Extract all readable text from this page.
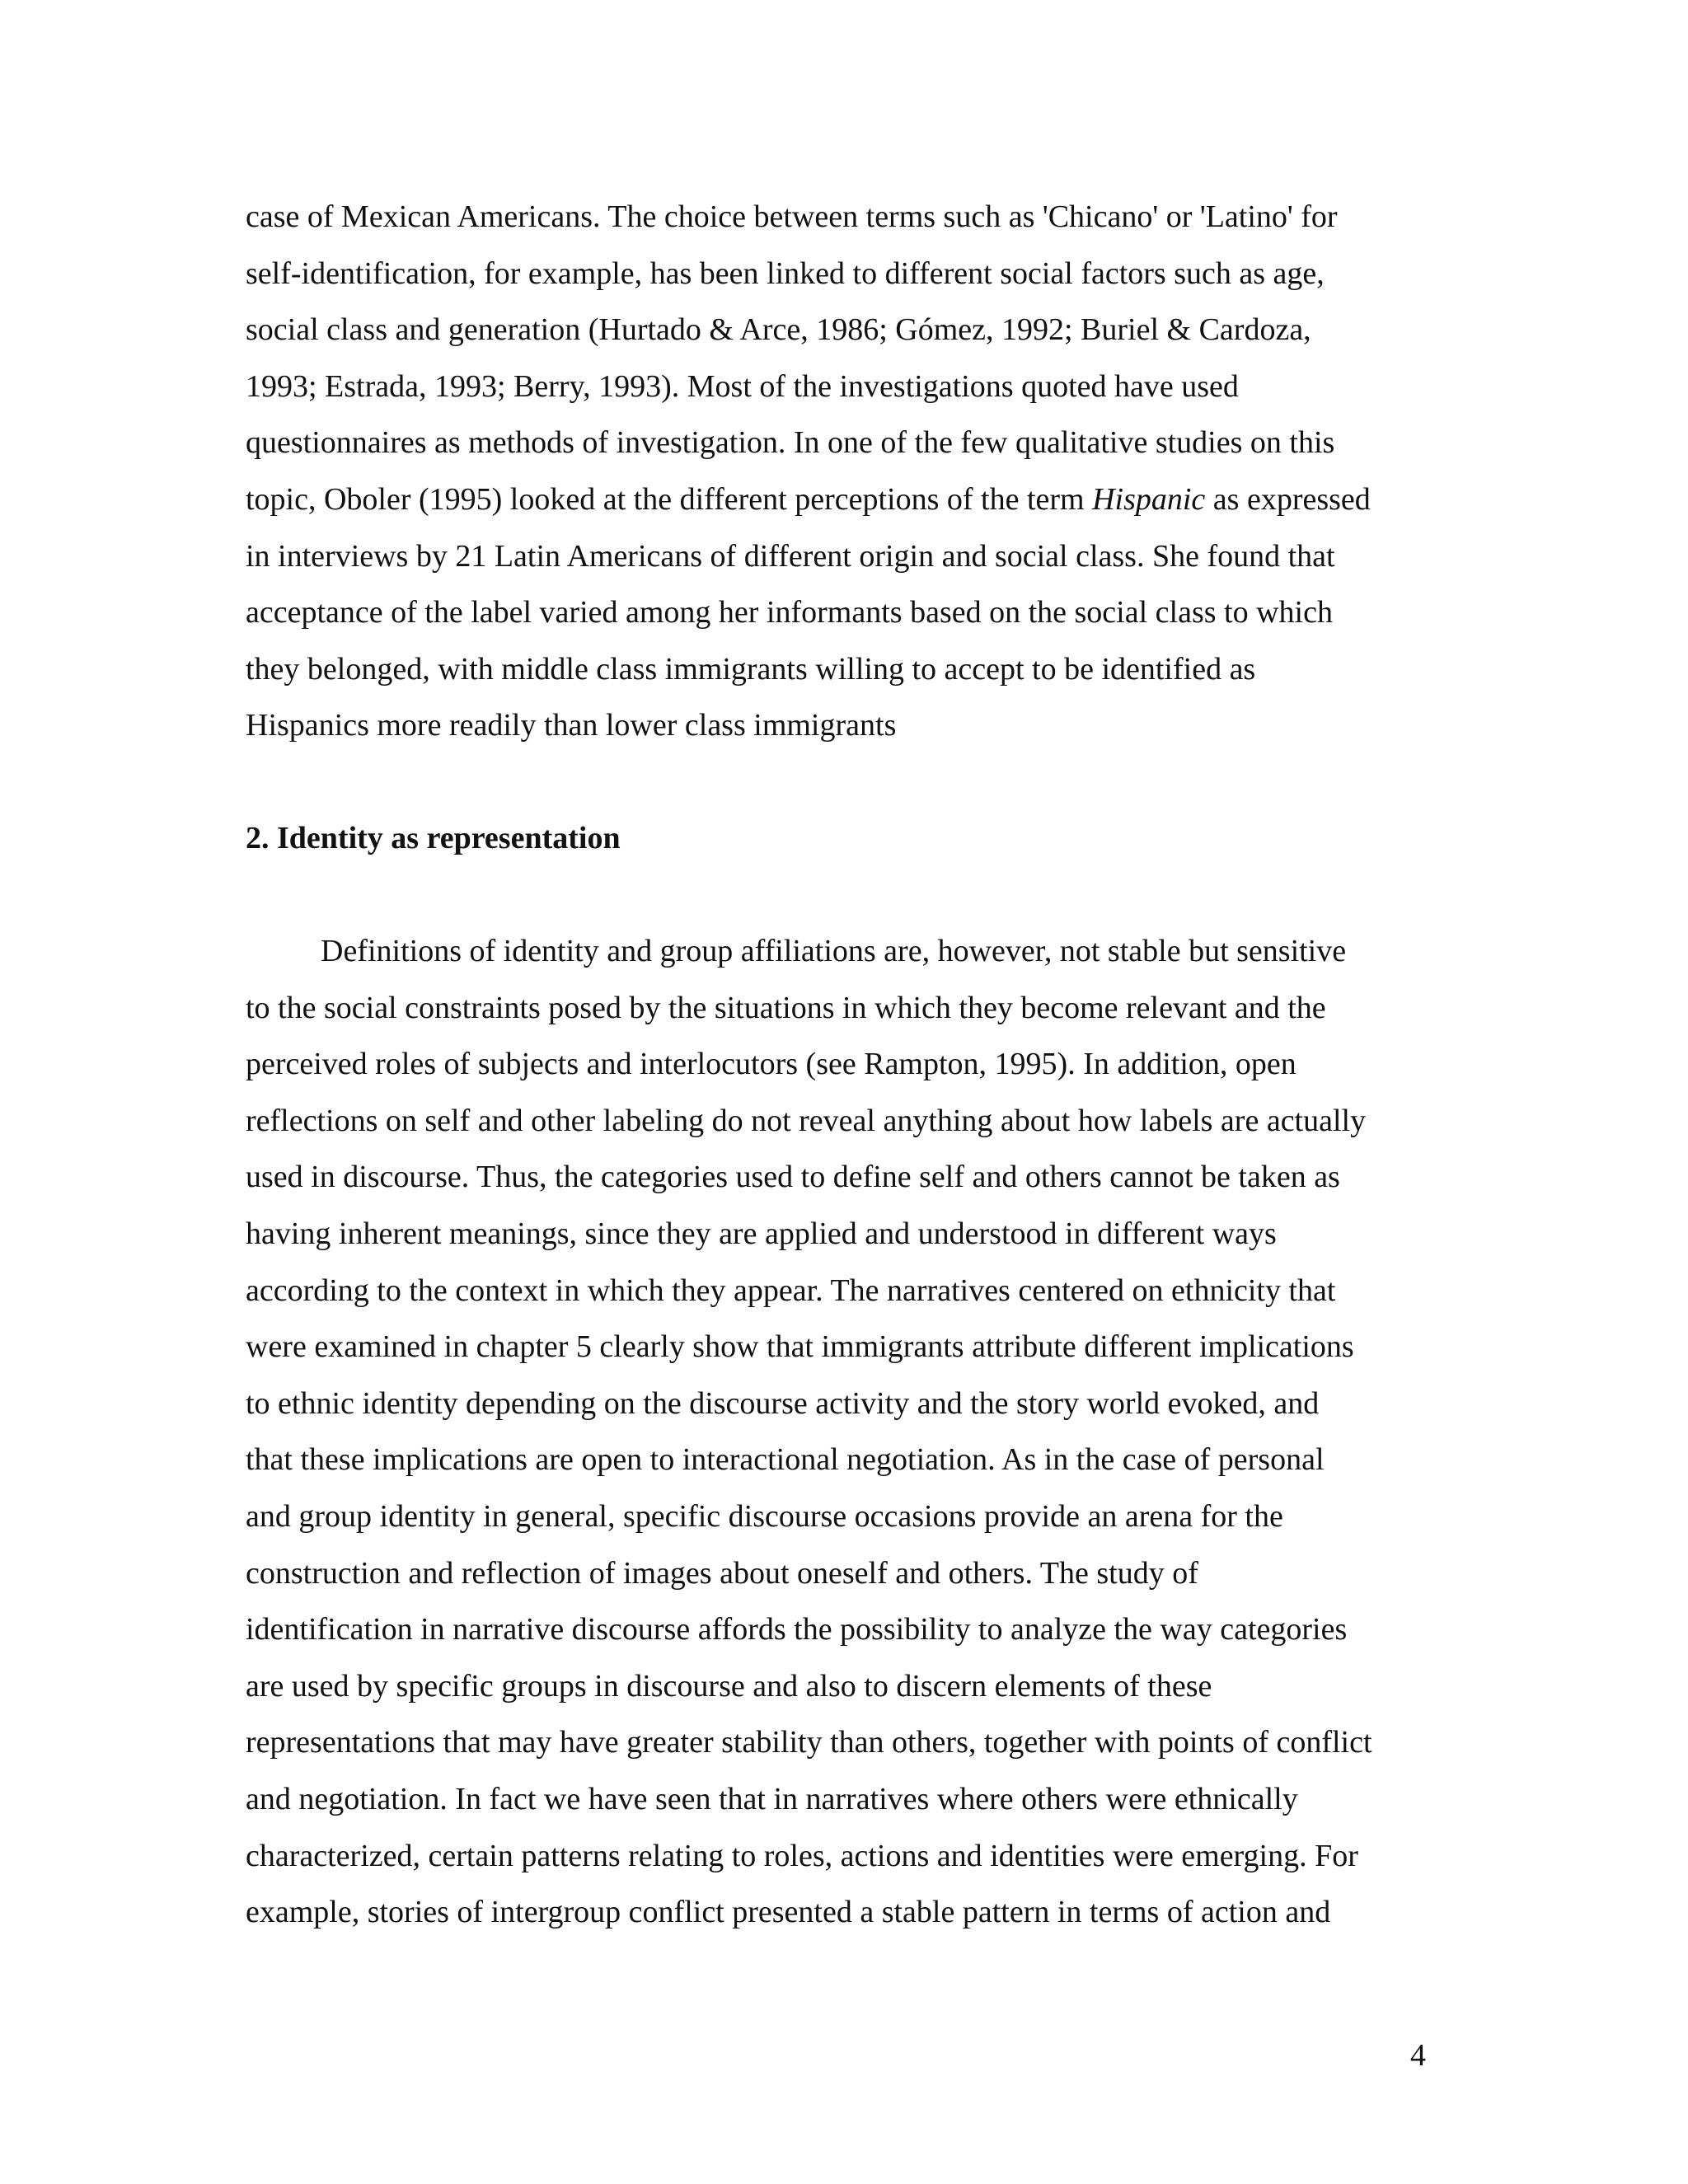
case of Mexican Americans. The choice between terms such as 'Chicano' or 'Latino' for
self-identification, for example, has been linked to different social factors such as age,
social class and generation (Hurtado & Arce, 1986; Gómez, 1992; Buriel & Cardoza,
1993; Estrada, 1993; Berry, 1993). Most of the investigations quoted have used
questionnaires as methods of investigation. In one of the few qualitative studies on this
topic, Oboler (1995) looked at the different perceptions of the term Hispanic as expressed
in interviews by 21 Latin Americans of different origin and social class. She found that
acceptance of the label varied among her informants based on the social class to which
they belonged, with middle class immigrants willing to accept to be identified as
Hispanics more readily than lower class immigrants
2. Identity as representation
Definitions of identity and group affiliations are, however, not stable but sensitive
to the social constraints posed by the situations in which they become relevant and the
perceived roles of subjects and interlocutors (see Rampton, 1995). In addition, open
reflections on self and other labeling do not reveal anything about how labels are actually
used in discourse. Thus, the categories used to define self and others cannot be taken as
having inherent meanings, since they are applied and understood in different ways
according to the context in which they appear. The narratives centered on ethnicity that
were examined in chapter 5 clearly show that immigrants attribute different implications
to ethnic identity depending on the discourse activity and the story world evoked, and
that these implications are open to interactional negotiation. As in the case of personal
and group identity in general, specific discourse occasions provide an arena for the
construction and reflection of images about oneself and others. The study of
identification in narrative discourse affords the possibility to analyze the way categories
are used by specific groups in discourse and also to discern elements of these
representations that may have greater stability than others, together with points of conflict
and negotiation. In fact we have seen that in narratives where others were ethnically
characterized, certain patterns relating to roles, actions and identities were emerging. For
example, stories of intergroup conflict presented a stable pattern in terms of action and
4
